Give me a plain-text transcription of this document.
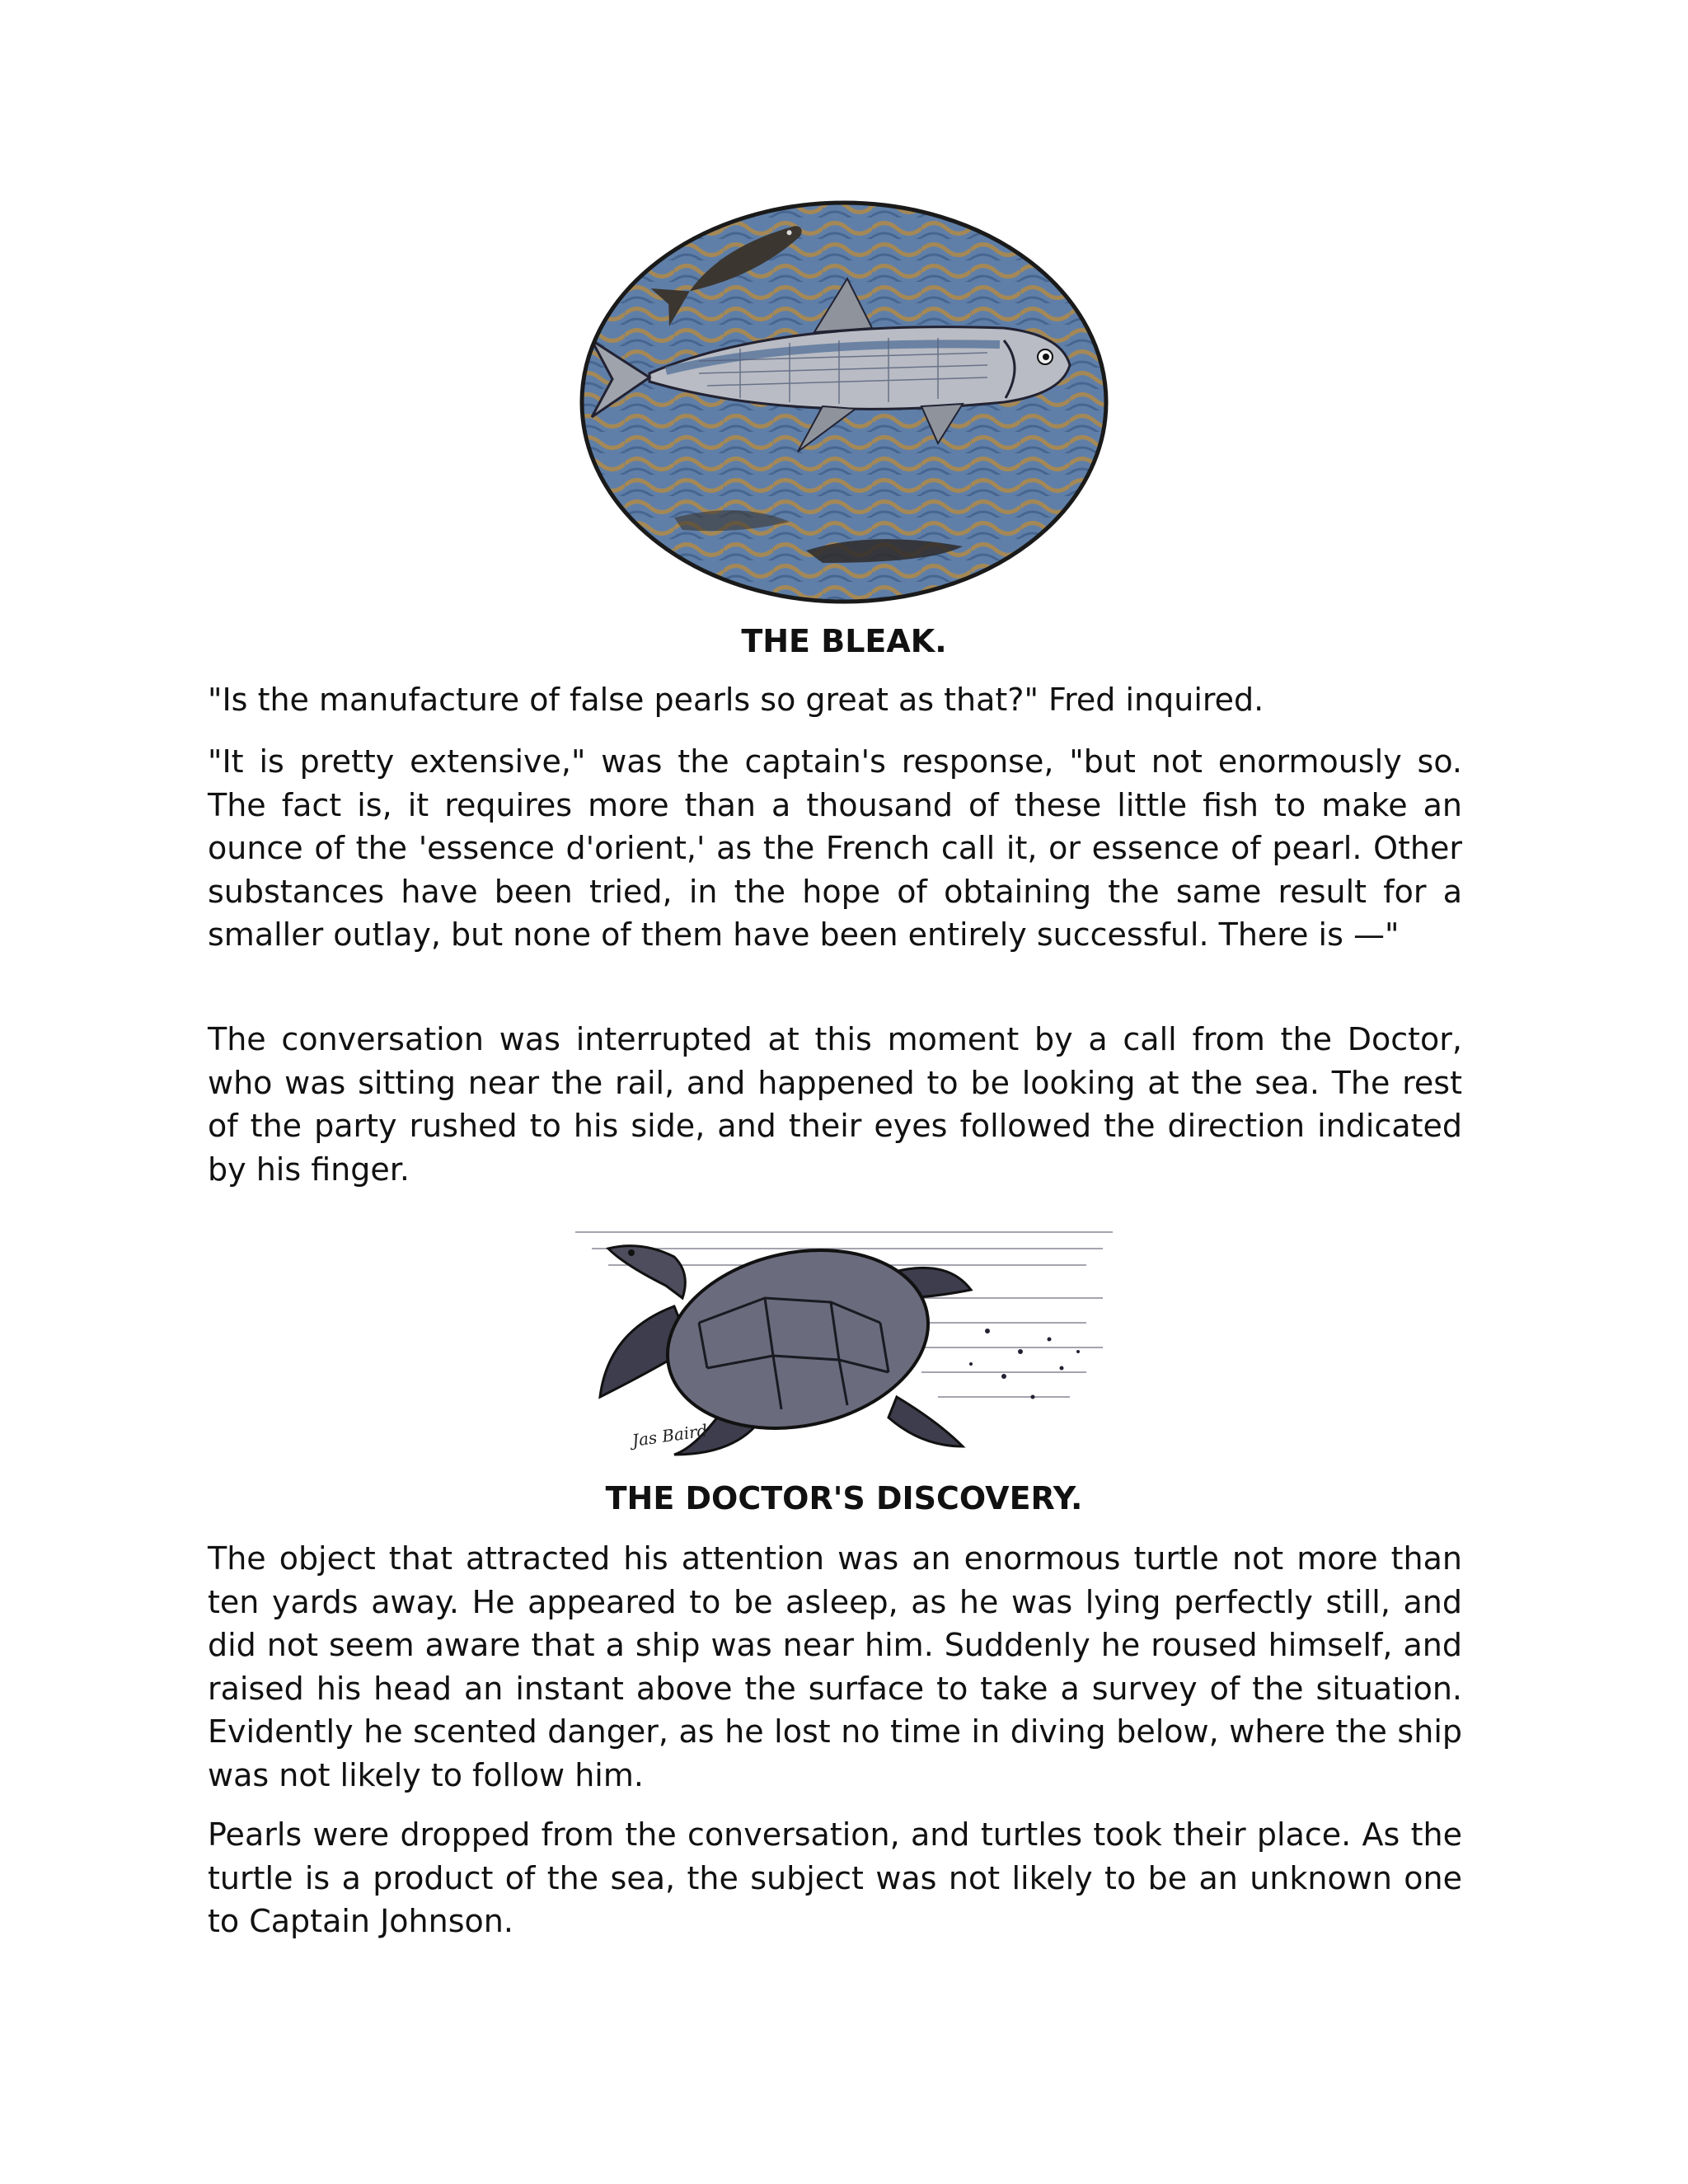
THE BLEAK.

"Is the manufacture of false pearls so great as that?" Fred inquired.

"It is pretty extensive," was the captain's response, "but not enormously so. The fact is, it requires more than a thousand of these little fish to make an ounce of the 'essence d'orient,' as the French call it, or essence of pearl. Other substances have been tried, in the hope of obtaining the same result for a smaller outlay, but none of them have been entirely successful. There is —"

The conversation was interrupted at this moment by a call from the Doctor, who was sitting near the rail, and happened to be looking at the sea. The rest of the party rushed to his side, and their eyes followed the direction indicated by his finger.

Jas Baird

THE DOCTOR'S DISCOVERY.

The object that attracted his attention was an enormous turtle not more than ten yards away. He appeared to be asleep, as he was lying perfectly still, and did not seem aware that a ship was near him. Suddenly he roused himself, and raised his head an instant above the surface to take a survey of the situation. Evidently he scented danger, as he lost no time in diving below, where the ship was not likely to follow him.

Pearls were dropped from the conversation, and turtles took their place. As the turtle is a product of the sea, the subject was not likely to be an unknown one to Captain Johnson.
